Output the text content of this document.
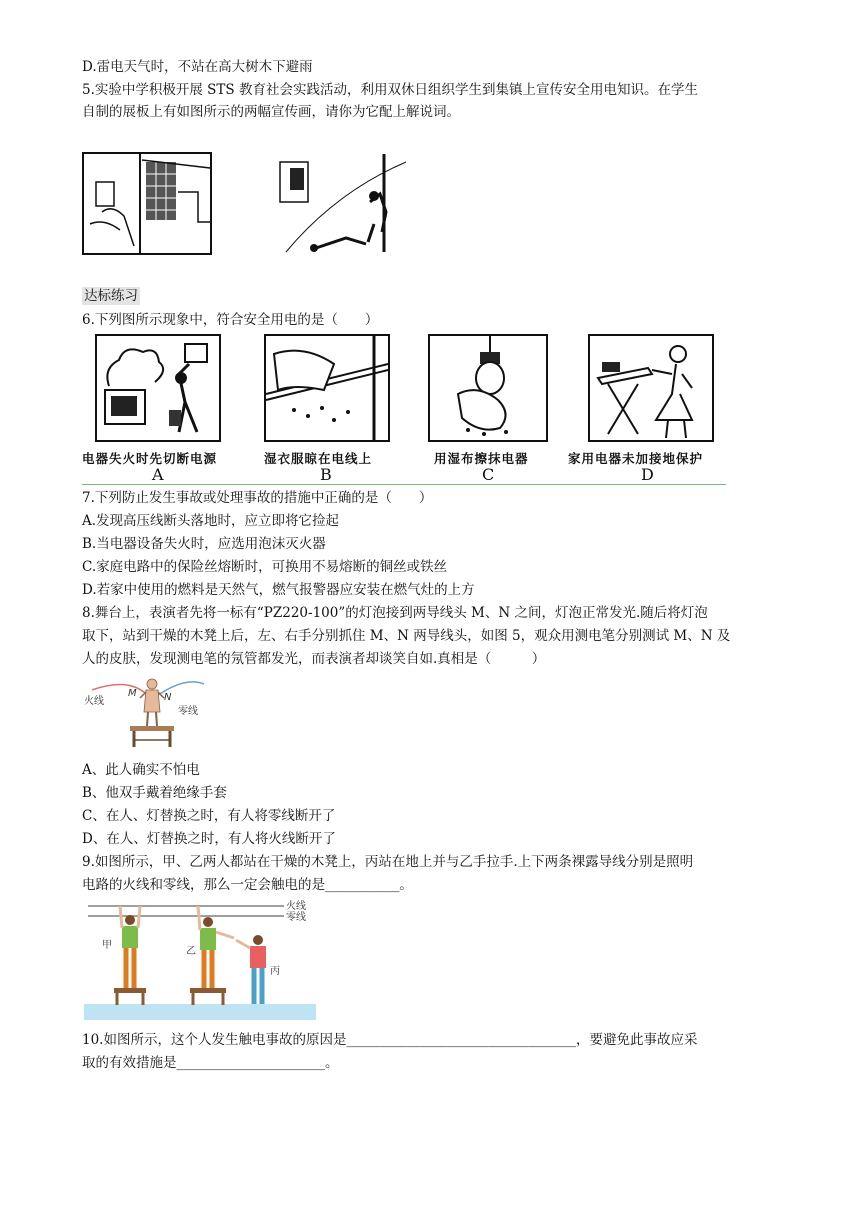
D.雷电天气时，不站在高大树木下避雨
5.实验中学积极开展 STS 教育社会实践活动，利用双休日组织学生到集镇上宣传安全用电知识。在学生
自制的展板上有如图所示的两幅宣传画，请你为它配上解说词。
达标练习
6.下列图所示现象中，符合安全用电的是（　　）
电器失火时先切断电源	湿衣服晾在电线上	用湿布擦抹电器	家用电器未加接地保护
A	B	C	D
7.下列防止发生事故或处理事故的措施中正确的是（　　）
A.发现高压线断头落地时，应立即将它捡起
B.当电器设备失火时，应选用泡沫灭火器
C.家庭电路中的保险丝熔断时，可换用不易熔断的铜丝或铁丝
D.若家中使用的燃料是天然气，燃气报警器应安装在燃气灶的上方
8.舞台上，表演者先将一标有“PZ220-100”的灯泡接到两导线头 M、N 之间，灯泡正常发光.随后将灯泡
取下，站到干燥的木凳上后，左、右手分别抓住 M、N 两导线头，如图 5，观众用测电笔分别测试 M、N 及
人的皮肤，发现测电笔的氖管都发光，而表演者却谈笑自如.真相是（　　　）
火线
零线
M	N
A、此人确实不怕电
B、他双手戴着绝缘手套
C、在人、灯替换之时，有人将零线断开了
D、在人、灯替换之时，有人将火线断开了
9.如图所示，甲、乙两人都站在干燥的木凳上，丙站在地上并与乙手拉手.上下两条裸露导线分别是照明
电路的火线和零线，那么一定会触电的是___________。
火线
零线
甲
乙
丙
10.如图所示，这个人发生触电事故的原因是__________________________________，要避免此事故应采
取的有效措施是______________________。
